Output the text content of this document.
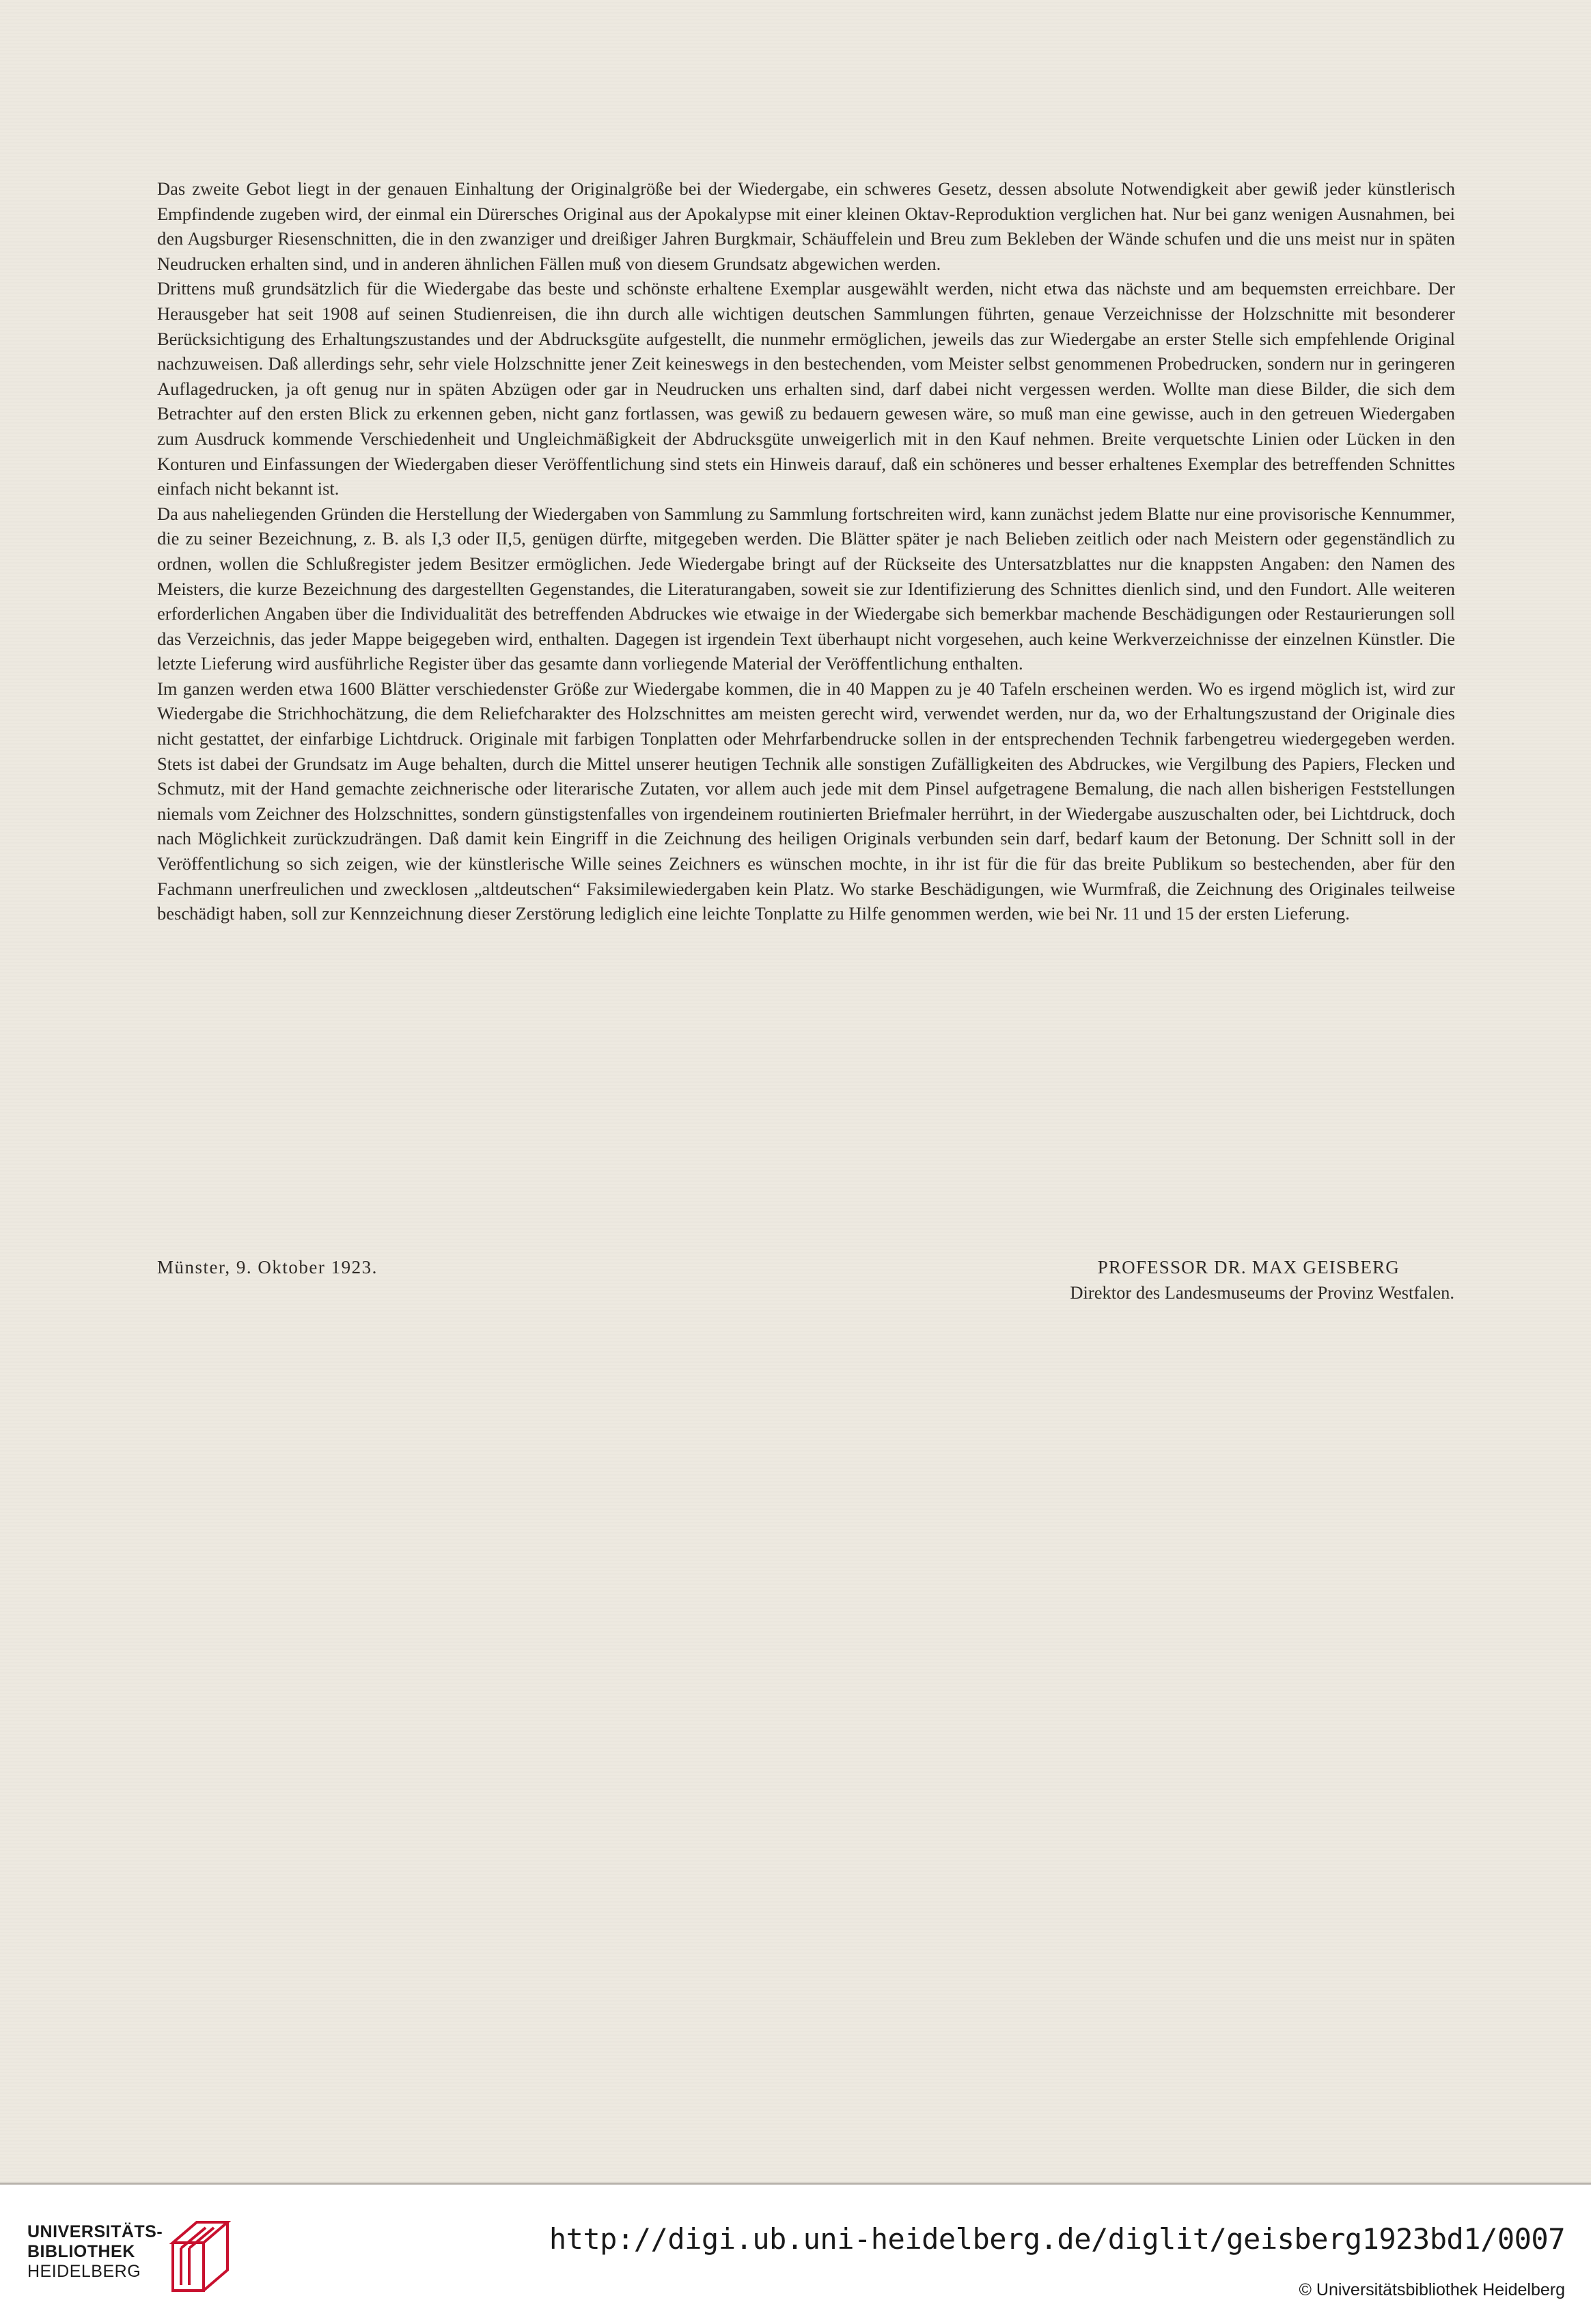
Das zweite Gebot liegt in der genauen Einhaltung der Originalgröße bei der Wiedergabe, ein schweres Gesetz, dessen absolute Notwendigkeit aber gewiß jeder künstlerisch Empfindende zugeben wird, der einmal ein Dürersches Original aus der Apokalypse mit einer kleinen Oktav-Reproduktion verglichen hat. Nur bei ganz wenigen Ausnahmen, bei den Augsburger Riesenschnitten, die in den zwanziger und dreißiger Jahren Burgkmair, Schäuffelein und Breu zum Bekleben der Wände schufen und die uns meist nur in späten Neudrucken erhalten sind, und in anderen ähnlichen Fällen muß von diesem Grundsatz abgewichen werden.

Drittens muß grundsätzlich für die Wiedergabe das beste und schönste erhaltene Exemplar ausgewählt werden, nicht etwa das nächste und am bequemsten erreichbare. Der Herausgeber hat seit 1908 auf seinen Studienreisen, die ihn durch alle wichtigen deutschen Sammlungen führten, genaue Verzeichnisse der Holzschnitte mit besonderer Berücksichtigung des Erhaltungszustandes und der Abdrucksgüte aufgestellt, die nunmehr ermöglichen, jeweils das zur Wiedergabe an erster Stelle sich empfehlende Original nachzuweisen. Daß allerdings sehr, sehr viele Holzschnitte jener Zeit keineswegs in den bestechenden, vom Meister selbst genommenen Probedrucken, sondern nur in geringeren Auflagedrucken, ja oft genug nur in späten Abzügen oder gar in Neudrucken uns erhalten sind, darf dabei nicht vergessen werden. Wollte man diese Bilder, die sich dem Betrachter auf den ersten Blick zu erkennen geben, nicht ganz fortlassen, was gewiß zu bedauern gewesen wäre, so muß man eine gewisse, auch in den getreuen Wiedergaben zum Ausdruck kommende Verschiedenheit und Ungleichmäßigkeit der Abdrucksgüte unweigerlich mit in den Kauf nehmen. Breite verquetschte Linien oder Lücken in den Konturen und Einfassungen der Wiedergaben dieser Veröffentlichung sind stets ein Hinweis darauf, daß ein schöneres und besser erhaltenes Exemplar des betreffenden Schnittes einfach nicht bekannt ist.

Da aus naheliegenden Gründen die Herstellung der Wiedergaben von Sammlung zu Sammlung fortschreiten wird, kann zunächst jedem Blatte nur eine provisorische Kennummer, die zu seiner Bezeichnung, z. B. als I,3 oder II,5, genügen dürfte, mitgegeben werden. Die Blätter später je nach Belieben zeitlich oder nach Meistern oder gegenständlich zu ordnen, wollen die Schlußregister jedem Besitzer ermöglichen. Jede Wiedergabe bringt auf der Rückseite des Untersatzblattes nur die knappsten Angaben: den Namen des Meisters, die kurze Bezeichnung des dargestellten Gegenstandes, die Literaturangaben, soweit sie zur Identifizierung des Schnittes dienlich sind, und den Fundort. Alle weiteren erforderlichen Angaben über die Individualität des betreffenden Abdruckes wie etwaige in der Wiedergabe sich bemerkbar machende Beschädigungen oder Restaurierungen soll das Verzeichnis, das jeder Mappe beigegeben wird, enthalten. Dagegen ist irgendein Text überhaupt nicht vorgesehen, auch keine Werkverzeichnisse der einzelnen Künstler. Die letzte Lieferung wird ausführliche Register über das gesamte dann vorliegende Material der Veröffentlichung enthalten.

Im ganzen werden etwa 1600 Blätter verschiedenster Größe zur Wiedergabe kommen, die in 40 Mappen zu je 40 Tafeln erscheinen werden. Wo es irgend möglich ist, wird zur Wiedergabe die Strichhochätzung, die dem Reliefcharakter des Holzschnittes am meisten gerecht wird, verwendet werden, nur da, wo der Erhaltungszustand der Originale dies nicht gestattet, der einfarbige Lichtdruck. Originale mit farbigen Tonplatten oder Mehrfarbendrucke sollen in der entsprechenden Technik farbengetreu wiedergegeben werden. Stets ist dabei der Grundsatz im Auge behalten, durch die Mittel unserer heutigen Technik alle sonstigen Zufälligkeiten des Abdruckes, wie Vergilbung des Papiers, Flecken und Schmutz, mit der Hand gemachte zeichnerische oder literarische Zutaten, vor allem auch jede mit dem Pinsel aufgetragene Bemalung, die nach allen bisherigen Feststellungen niemals vom Zeichner des Holzschnittes, sondern günstigstenfalles von irgendeinem routinierten Briefmaler herrührt, in der Wiedergabe auszuschalten oder, bei Lichtdruck, doch nach Möglichkeit zurückzudrängen. Daß damit kein Eingriff in die Zeichnung des heiligen Originals verbunden sein darf, bedarf kaum der Betonung. Der Schnitt soll in der Veröffentlichung so sich zeigen, wie der künstlerische Wille seines Zeichners es wünschen mochte, in ihr ist für die für das breite Publikum so bestechenden, aber für den Fachmann unerfreulichen und zwecklosen „altdeutschen“ Faksimilewiedergaben kein Platz. Wo starke Beschädigungen, wie Wurmfraß, die Zeichnung des Originales teilweise beschädigt haben, soll zur Kennzeichnung dieser Zerstörung lediglich eine leichte Tonplatte zu Hilfe genommen werden, wie bei Nr. 11 und 15 der ersten Lieferung.

Münster, 9. Oktober 1923.	PROFESSOR DR. MAX GEISBERG
Direktor des Landesmuseums der Provinz Westfalen.
UNIVERSITÄTS-
BIBLIOTHEK
HEIDELBERG
http://digi.ub.uni-heidelberg.de/diglit/geisberg1923bd1/0007
© Universitätsbibliothek Heidelberg
